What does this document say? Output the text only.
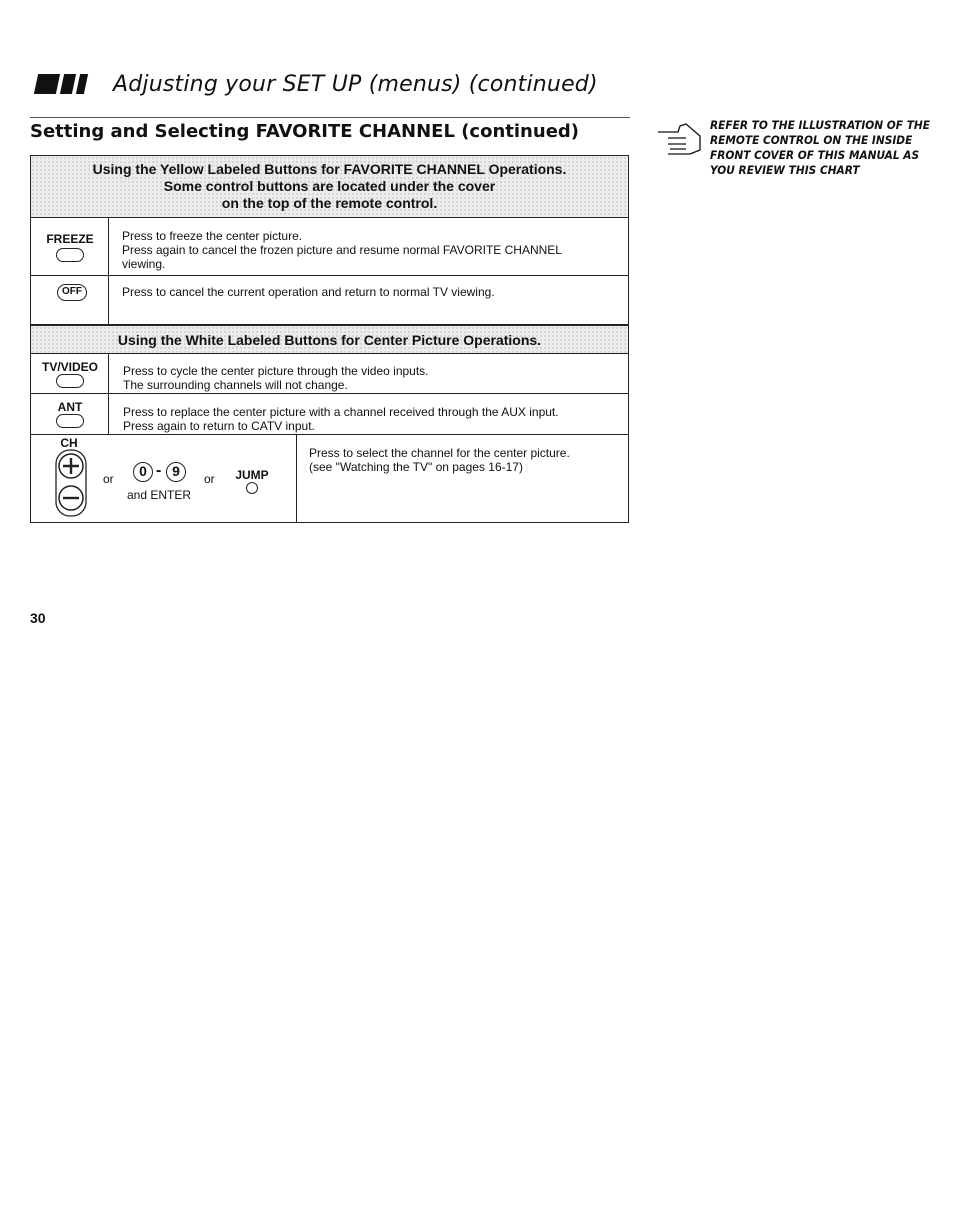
Adjusting your SET UP (menus) (continued)
Setting and Selecting FAVORITE CHANNEL (continued)	REFER TO THE ILLUSTRATION OF THE
REMOTE CONTROL ON THE INSIDE
FRONT COVER OF THIS MANUAL AS
YOU REVIEW THIS CHART
Using the Yellow Labeled Buttons for FAVORITE CHANNEL Operations.
Some control buttons are located under the cover
on the top of the remote control.
FREEZE	Press to freeze the center picture.
Press again to cancel the frozen picture and resume normal FAVORITE CHANNEL
viewing.
OFF	Press to cancel the current operation and return to normal TV viewing.
Using the White Labeled Buttons for Center Picture Operations.
TV/VIDEO	Press to cycle the center picture through the video inputs.
The surrounding channels will not change.
ANT	Press to replace the center picture with a channel received through the AUX input.
Press again to return to CATV input.
CH
or	0 - 9	or JUMP
and ENTER
Press to select the channel for the center picture.
(see "Watching the TV" on pages 16-17)
30
